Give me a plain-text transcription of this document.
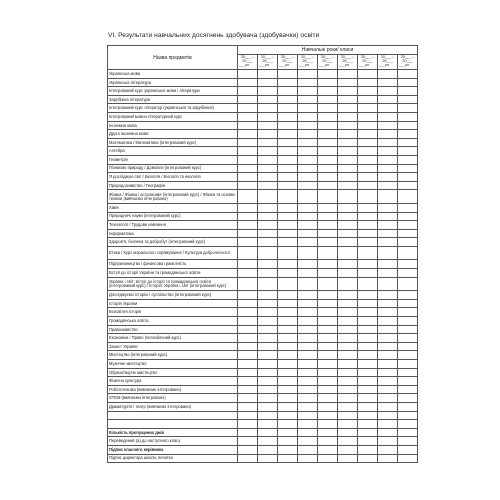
VI. Результати навчальних досягнень здобувача (здобувачки) освіти
Назва предметів	Навчальні роки/ класи								
	20___ – 20___	20___ – 20___	20___ – 20___	20___ – 20___	20___ – 20___	20___ – 20___	20___ – 20___	20___ – 20___	20___ – 20___
	___кл	___кл	___кл	___кл	___кл	___кл	___кл	___кл	___кл
Українська мова									
Українська література									
Інтегрований курс української мови і літератури									
Зарубіжна література									
Інтегрований курс літератур (української та зарубіжної)									
Інтегрований мовно-літературний курс									
Іноземна мова									
Друга іноземна мова									
Математика / Математика (інтегрований курс)									
Алгебра									
Геометрія									
Пізнаємо природу / Довкілля (інтегрований курс)									
Я досліджую світ / Біологія / Біологія та екологія									
Природознавство / Географія									
Фізика / Фізика і астрономія (інтегрований курс) / Фізика та основи техніки (вивчаємо інтегровано)									
Хімія									
Природничі науки (інтегрований курс)									
Технології / Трудове навчання									
Інформатика									
Здоров’я, безпека та добробут (інтегрований курс)									
Етика / Курс морального спрямування / Культура доброчесності									
Підприємництво і фінансова грамотність									
Вступ до історії України та громадянської освіти									
Україна і світ: вступ до історії та громадянської освіти (інтегрований курс) / Історія: Україна і світ (інтегрований курс)									
Досліджуємо історію і суспільство (інтегрований курс)									
Історія України									
Всесвітня історія									
Громадянська освіта									
Правознавство									
Економіка / Право (поглиблений курс)									
Захист України									
Мистецтво (інтегрований курс)									
Музичне мистецтво									
Образотворче мистецтво									
Фізична культура									
Робототехніка (вивчаємо інтегровано)									
STEM (вивчаємо інтегровано)									
Драматургія і театр (вивчаємо інтегровано)									

Кількість пропущених днів									
Переведений (а) до наступного класу									
Підпис класного керівника									
Підпис директора школи, печатка									
